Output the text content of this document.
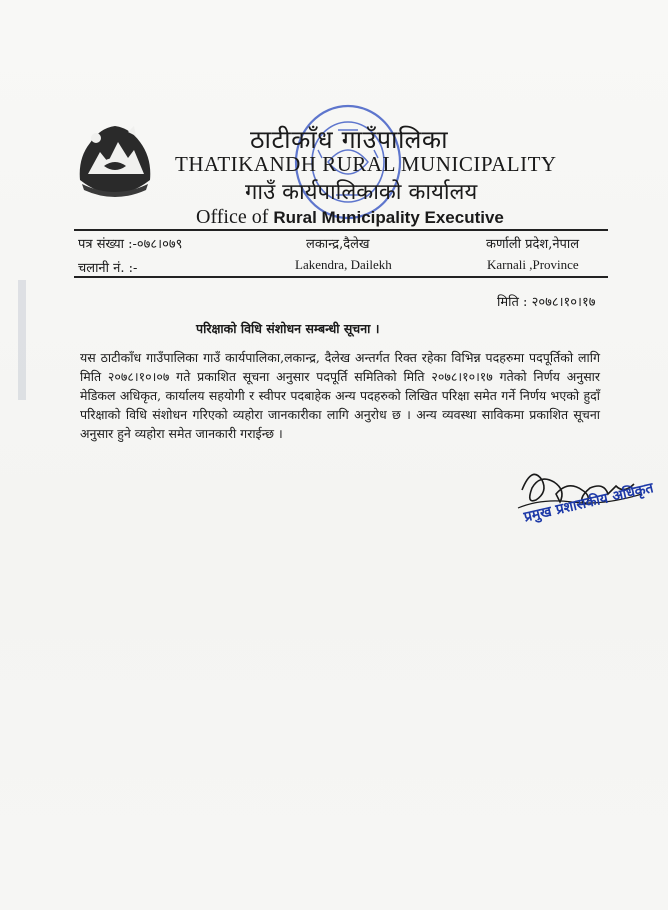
ठाटीकाँध गाउँपालिका
THATIKANDH RURAL MUNICIPALITY
गाउँ कार्यपालिकाको कार्यालय
Office of Rural Municipality Executive
पत्र संख्या :-०७८।०७९	लकान्द्र,दैलेख	कर्णाली प्रदेश,नेपाल
चलानी नं. :-	Lakendra, Dailekh	Karnali ,Province
मिति : २०७८।१०।१७
परिक्षाको विधि संशोधन सम्बन्धी सूचना ।
यस ठाटीकाँध गाउँपालिका गाउँ कार्यपालिका,लकान्द्र, दैलेख अन्तर्गत रिक्त रहेका विभिन्न पदहरुमा पदपूर्तिको लागि मिति २०७८।१०।०७ गते प्रकाशित सूचना अनुसार पदपूर्ति समितिको मिति २०७८।१०।१७ गतेको निर्णय अनुसार मेडिकल अधिकृत, कार्यालय सहयोगी र स्वीपर पदबाहेक अन्य पदहरुको लिखित परिक्षा समेत गर्ने निर्णय भएको हुदाँ परिक्षाको विधि संशोधन गरिएको व्यहोरा जानकारीका लागि अनुरोध छ । अन्य व्यवस्था साविकमा प्रकाशित सूचना अनुसार हुने व्यहोरा समेत जानकारी गराईन्छ ।
प्रमुख प्रशासकीय अधिकृत
